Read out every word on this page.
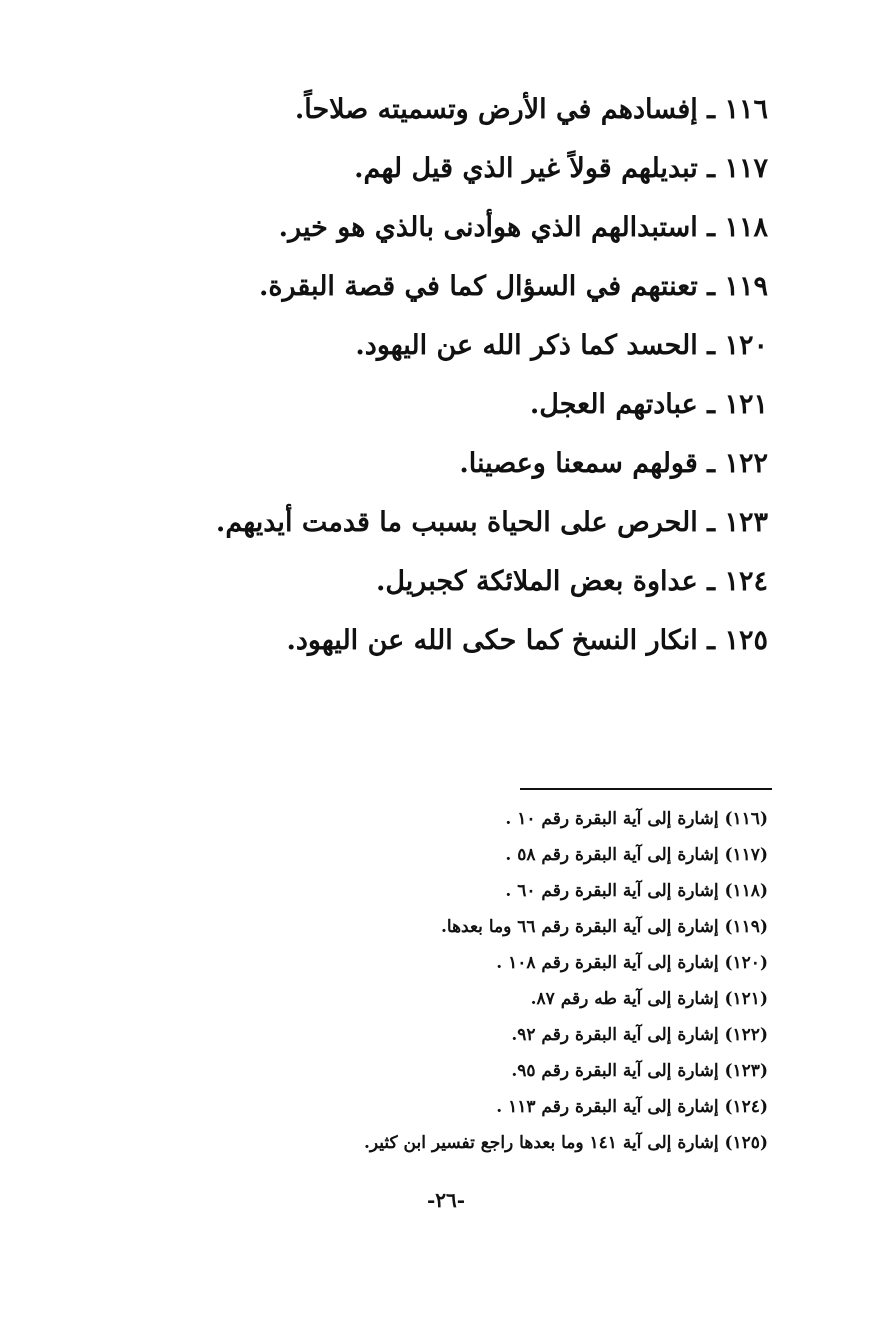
١١٦ ـ إفسادهم في الأرض وتسميته صلاحاً.
١١٧ ـ تبديلهم قولاً غير الذي قيل لهم.
١١٨ ـ استبدالهم الذي هوأدنى بالذي هو خير.
١١٩ ـ تعنتهم في السؤال كما في قصة البقرة.
١٢٠ ـ الحسد كما ذكر الله عن اليهود.
١٢١ ـ عبادتهم العجل.
١٢٢ ـ قولهم سمعنا وعصينا.
١٢٣ ـ الحرص على الحياة بسبب ما قدمت أيديهم.
١٢٤ ـ عداوة بعض الملائكة كجبريل.
١٢٥ ـ انكار النسخ كما حكى الله عن اليهود.
(١١٦) إشارة إلى آية البقرة رقم ١٠ .
(١١٧) إشارة إلى آية البقرة رقم ٥٨ .
(١١٨) إشارة إلى آية البقرة رقم ٦٠ .
(١١٩) إشارة إلى آية البقرة رقم ٦٦ وما بعدها.
(١٢٠) إشارة إلى آية البقرة رقم ١٠٨ .
(١٢١) إشارة إلى آية طه رقم ٨٧.
(١٢٢) إشارة إلى آية البقرة رقم ٩٢.
(١٢٣) إشارة إلى آية البقرة رقم ٩٥.
(١٢٤) إشارة إلى آية البقرة رقم ١١٣ .
(١٢٥) إشارة إلى آية ١٤١ وما بعدها راجع تفسير ابن كثير.
-٢٦-
